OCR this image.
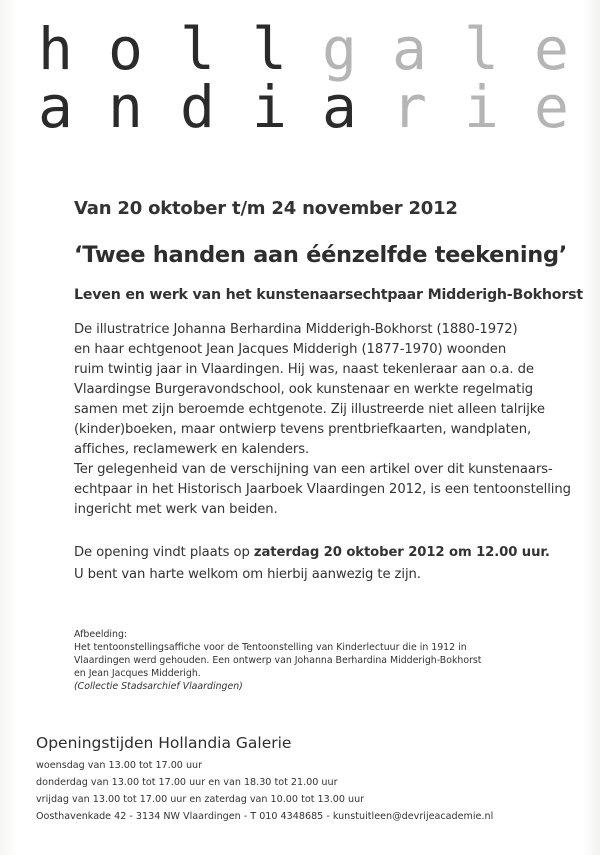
h o l l g a l e
a n d i a r i e
Van 20 oktober t/m 24 november 2012
‘Twee handen aan éénzelfde teekening’
Leven en werk van het kunstenaarsechtpaar Midderigh-Bokhorst
De illustratrice Johanna Berhardina Midderigh-Bokhorst (1880-1972)
en haar echtgenoot Jean Jacques Midderigh (1877-1970) woonden
ruim twintig jaar in Vlaardingen. Hij was, naast tekenleraar aan o.a. de
Vlaardingse Burgeravondschool, ook kunstenaar en werkte regelmatig
samen met zijn beroemde echtgenote. Zij illustreerde niet alleen talrijke
(kinder)boeken, maar ontwierp tevens prentbriefkaarten, wandplaten,
affiches, reclamewerk en kalenders.
Ter gelegenheid van de verschijning van een artikel over dit kunstenaars-
echtpaar in het Historisch Jaarboek Vlaardingen 2012, is een tentoonstelling
ingericht met werk van beiden.
De opening vindt plaats op zaterdag 20 oktober 2012 om 12.00 uur.
U bent van harte welkom om hierbij aanwezig te zijn.
Afbeelding:
Het tentoonstellingsaffiche voor de Tentoonstelling van Kinderlectuur die in 1912 in
Vlaardingen werd gehouden. Een ontwerp van Johanna Berhardina Midderigh-Bokhorst
en Jean Jacques Midderigh.
(Collectie Stadsarchief Vlaardingen)
Openingstijden Hollandia Galerie
woensdag van 13.00 tot 17.00 uur
donderdag van 13.00 tot 17.00 uur en van 18.30 tot 21.00 uur
vrijdag van 13.00 tot 17.00 uur en zaterdag van 10.00 tot 13.00 uur
Oosthavenkade 42 - 3134 NW Vlaardingen - T 010 4348685 - kunstuitleen@devrijeacademie.nl
